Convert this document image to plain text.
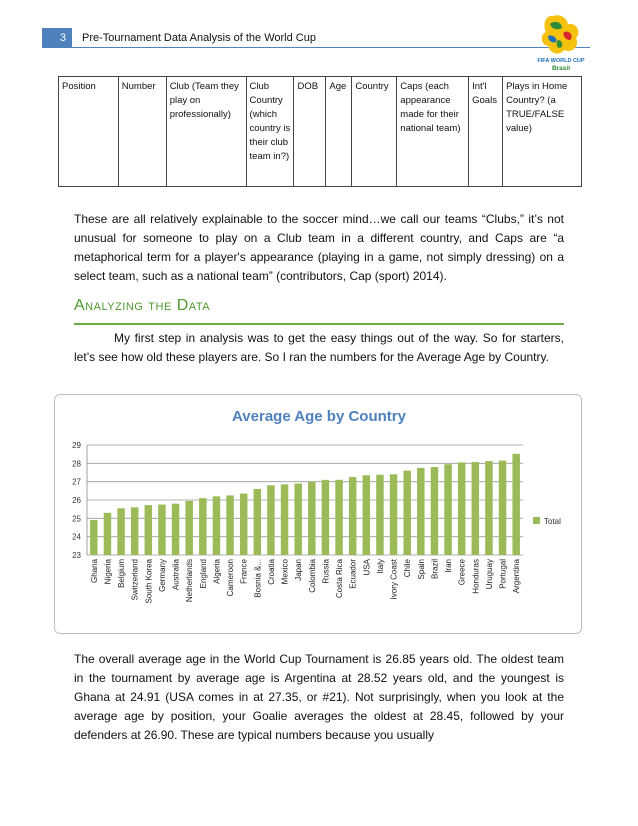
3	Pre-Tournament Data Analysis of the World Cup
FIFA WORLD CUP
Brasil
Position	Number	Club (Team they play on professionally)	Club Country (which country is their club team in?)	DOB	Age	Country	Caps (each appearance made for their national team)	Int'l Goals	Plays in Home Country? (a TRUE/FALSE value)

These are all relatively explainable to the soccer mind…we call our teams “Clubs,” it’s not unusual for someone to play on a Club team in a different country, and Caps are “a metaphorical term for a player's appearance (playing in a game, not simply dressing) on a select team, such as a national team” (contributors, Cap (sport) 2014).

Analyzing the Data

My first step in analysis was to get the easy things out of the way. So for starters, let’s see how old these players are. So I ran the numbers for the Average Age by Country.

Average Age by Country
23
24
25
26
27
28
29
Ghana Nigeria Belgium Switzerland South Korea Germany Australia Netherlands England Algeria Cameroon France Bosnia &... Croatia Mexico Japan Colombia Russia Costa Rica Ecuador USA Italy Ivory Coast Chile Spain Brazil Iran Greece Honduras Uruguay Portugal Argentina
Total

The overall average age in the World Cup Tournament is 26.85 years old. The oldest team in the tournament by average age is Argentina at 28.52 years old, and the youngest is Ghana at 24.91 (USA comes in at 27.35, or #21). Not surprisingly, when you look at the average age by position, your Goalie averages the oldest at 28.45, followed by your defenders at 26.90. These are typical numbers because you usually
